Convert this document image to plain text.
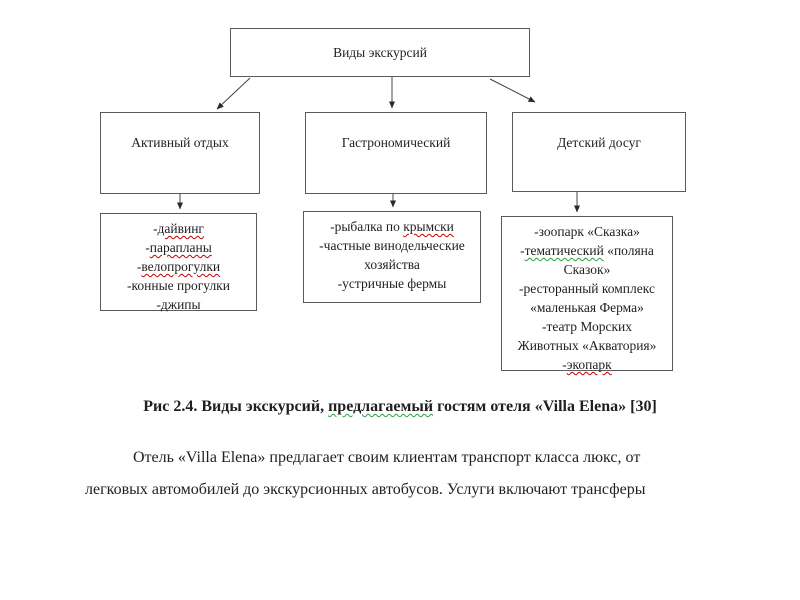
Виды экскурсий
Активный отдых	Гастрономический	Детский досуг
-дайвинг
-парапланы
-велопрогулки
-конные прогулки
-джипы
-рыбалка по крымски
-частные винодельческие
хозяйства
-устричные фермы
-зоопарк «Сказка»
-тематический «поляна
Сказок»
-ресторанный комплекс
«маленькая Ферма»
-театр Морских
Животных «Акватория»
-экопарк
Рис 2.4. Виды экскурсий, предлагаемый гостям отеля «Villa Elena» [30]
Отель «Villa Elena» предлагает своим клиентам транспорт класса люкс, от
легковых автомобилей до экскурсионных автобусов. Услуги включают трансферы
